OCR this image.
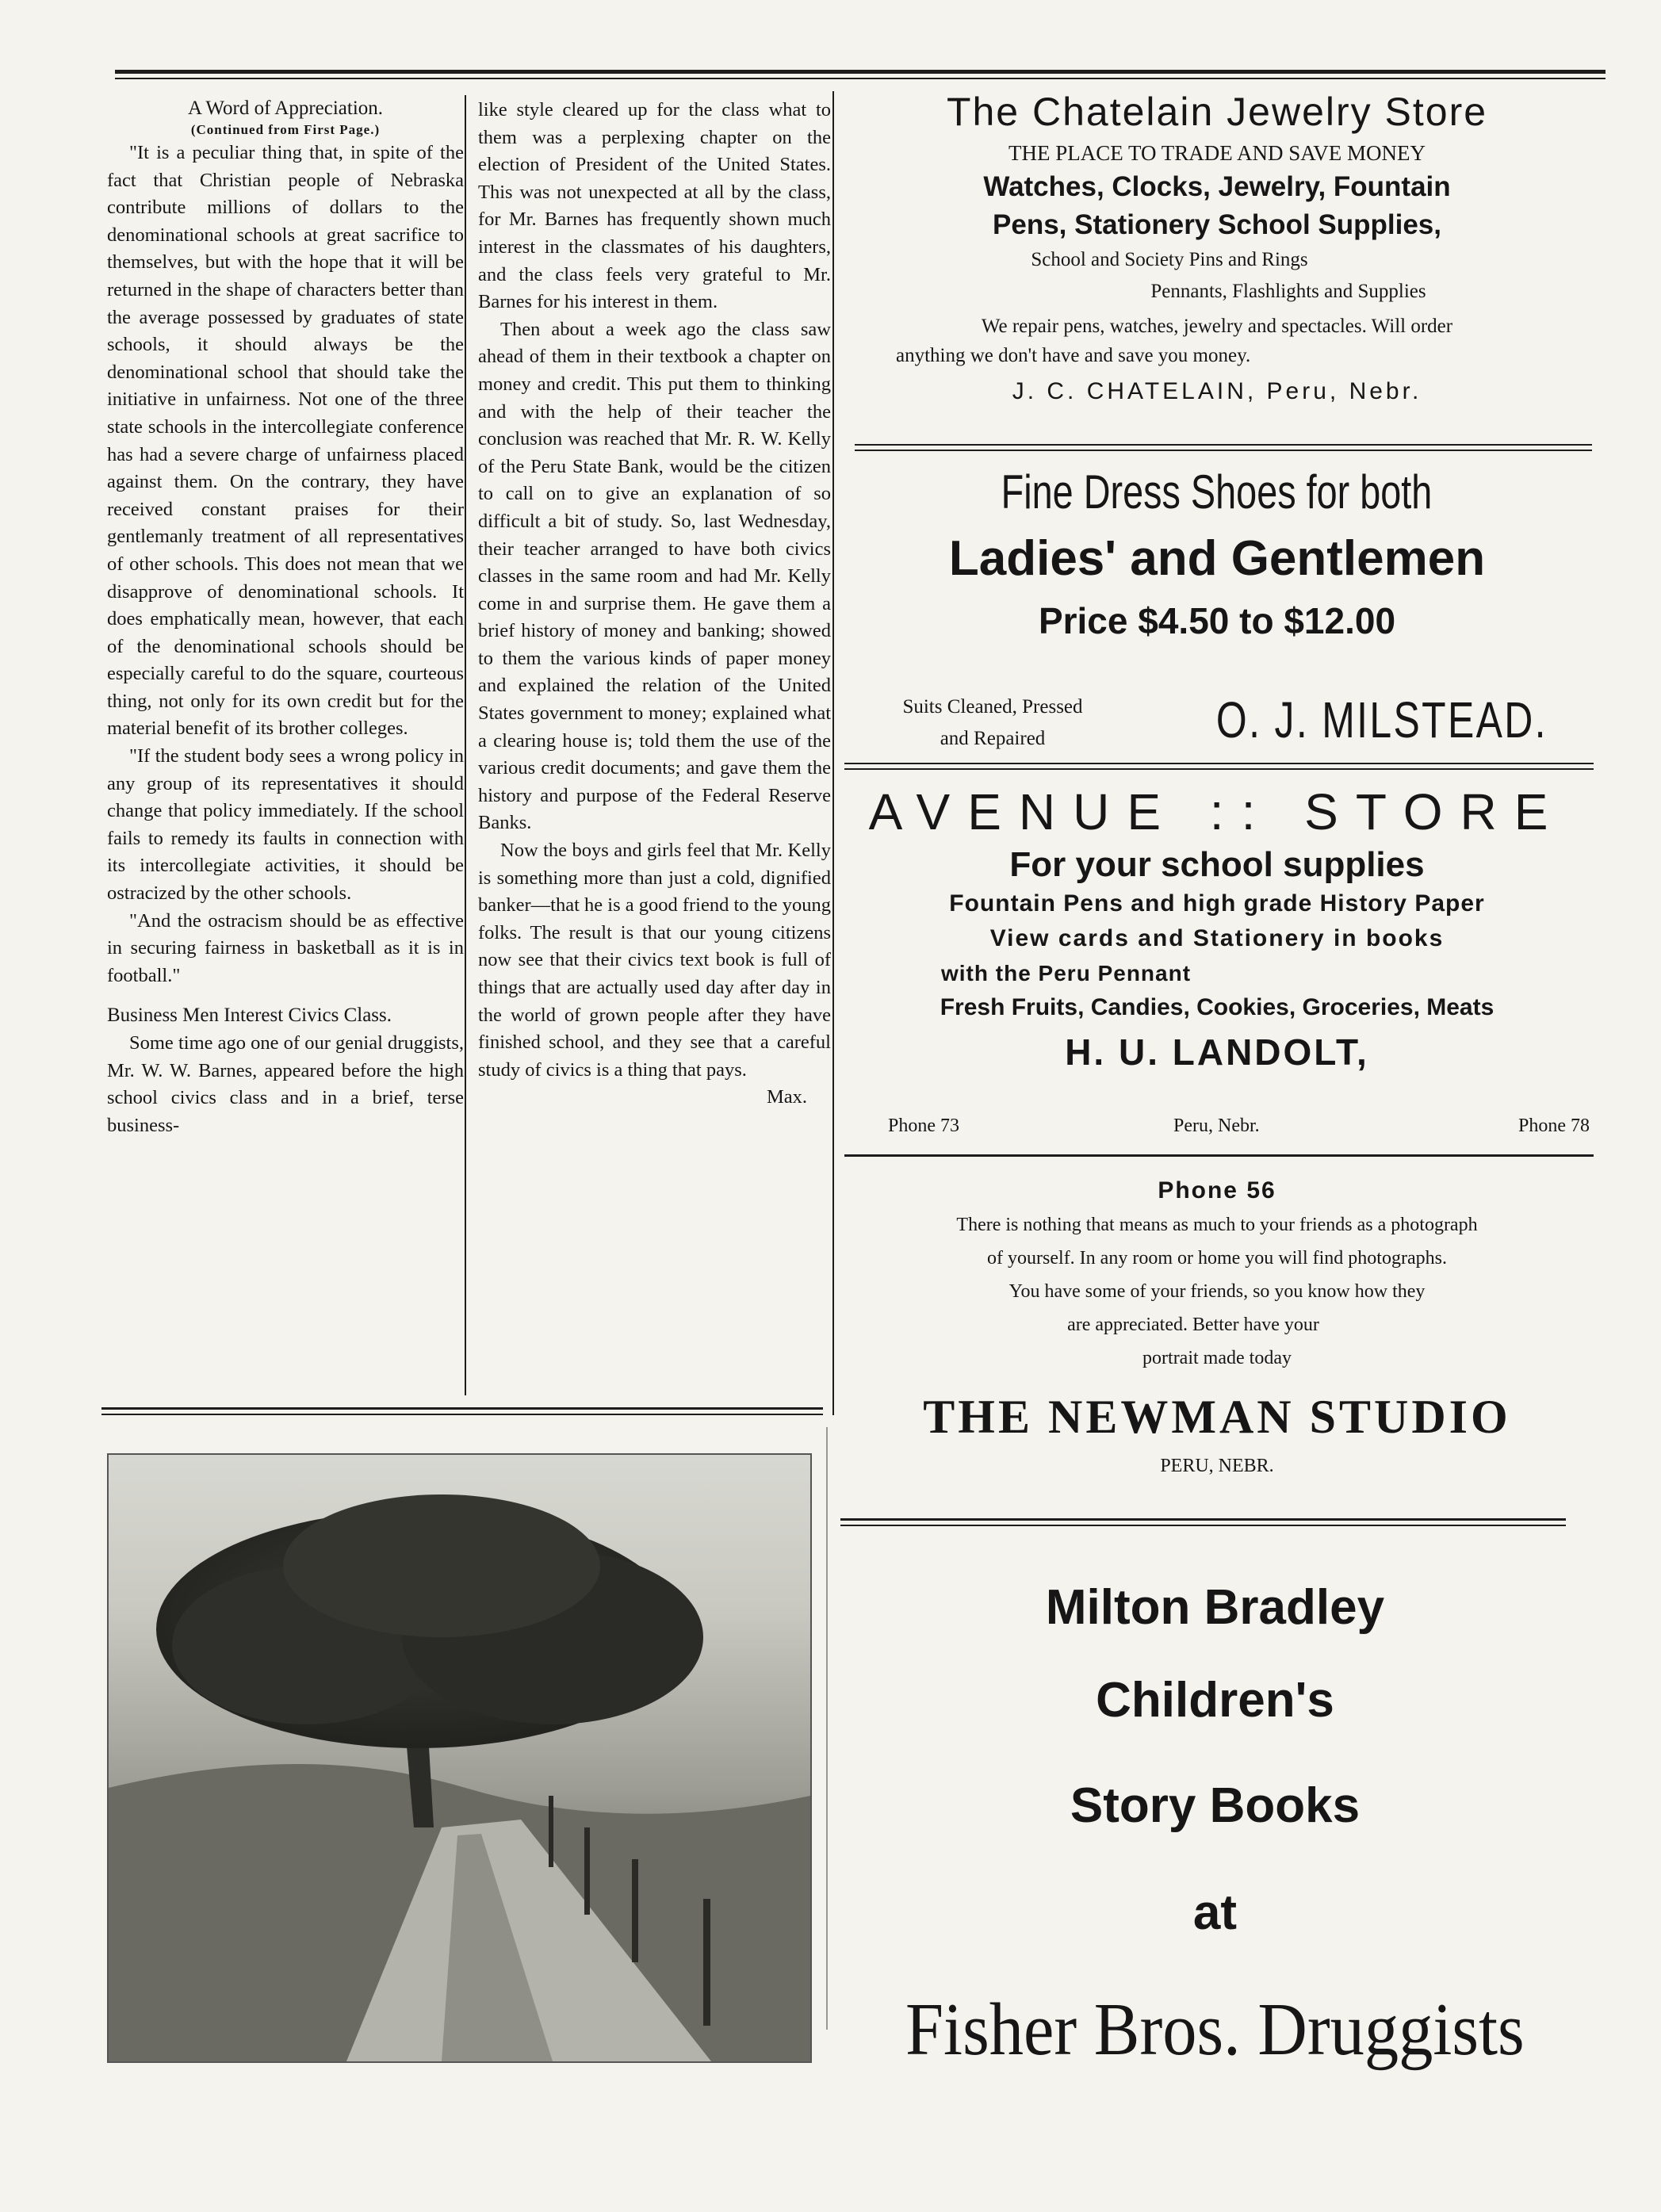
A Word of Appreciation.
(Continued from First Page.)

"It is a peculiar thing that, in spite of the fact that Christian people of Nebraska contribute millions of dollars to the denominational schools at great sacrifice to themselves, but with the hope that it will be returned in the shape of characters better than the average possessed by graduates of state schools, it should always be the denominational school that should take the initiative in unfairness. Not one of the three state schools in the intercollegiate conference has had a severe charge of unfairness placed against them. On the contrary, they have received constant praises for their gentlemanly treatment of all representatives of other schools. This does not mean that we disapprove of denominational schools. It does emphatically mean, however, that each of the denominational schools should be especially careful to do the square, courteous thing, not only for its own credit but for the material benefit of its brother colleges.

"If the student body sees a wrong policy in any group of its representatives it should change that policy immediately. If the school fails to remedy its faults in connection with its intercollegiate activities, it should be ostracized by the other schools.

"And the ostracism should be as effective in securing fairness in basketball as it is in football."

Business Men Interest Civics Class.

Some time ago one of our genial druggists, Mr. W. W. Barnes, appeared before the high school civics class and in a brief, terse business-

like style cleared up for the class what to them was a perplexing chapter on the election of President of the United States. This was not unexpected at all by the class, for Mr. Barnes has frequently shown much interest in the classmates of his daughters, and the class feels very grateful to Mr. Barnes for his interest in them.

Then about a week ago the class saw ahead of them in their textbook a chapter on money and credit. This put them to thinking and with the help of their teacher the conclusion was reached that Mr. R. W. Kelly of the Peru State Bank, would be the citizen to call on to give an explanation of so difficult a bit of study. So, last Wednesday, their teacher arranged to have both civics classes in the same room and had Mr. Kelly come in and surprise them. He gave them a brief history of money and banking; showed to them the various kinds of paper money and explained the relation of the United States government to money; explained what a clearing house is; told them the use of the various credit documents; and gave them the history and purpose of the Federal Reserve Banks.

Now the boys and girls feel that Mr. Kelly is something more than just a cold, dignified banker—that he is a good friend to the young folks. The result is that our young citizens now see that their civics text book is full of things that are actually used day after day in the world of grown people after they have finished school, and they see that a careful study of civics is a thing that pays.

Max.
The Chatelain Jewelry Store
THE PLACE TO TRADE AND SAVE MONEY
Watches, Clocks, Jewelry, Fountain
Pens, Stationery School Supplies,
School and Society Pins and Rings
Pennants, Flashlights and Supplies
We repair pens, watches, jewelry and spectacles. Will order
anything we don't have and save you money.
J. C. CHATELAIN, Peru, Nebr.
Fine Dress Shoes for both
Ladies' and Gentlemen
Price $4.50 to $12.00
Suits Cleaned, Pressed
and Repaired	O. J. MILSTEAD.
AVENUE :: STORE
For your school supplies
Fountain Pens and high grade History Paper
View cards and Stationery in books
with the Peru Pennant
Fresh Fruits, Candies, Cookies, Groceries, Meats
H. U. LANDOLT,
Phone 73	Peru, Nebr.	Phone 78
Phone 56
There is nothing that means as much to your friends as a photograph
of yourself. In any room or home you will find photographs.
You have some of your friends, so you know how they
are appreciated. Better have your
portrait made today
THE NEWMAN STUDIO
PERU, NEBR.
Milton Bradley
Children's
Story Books
at
Fisher Bros. Druggists
